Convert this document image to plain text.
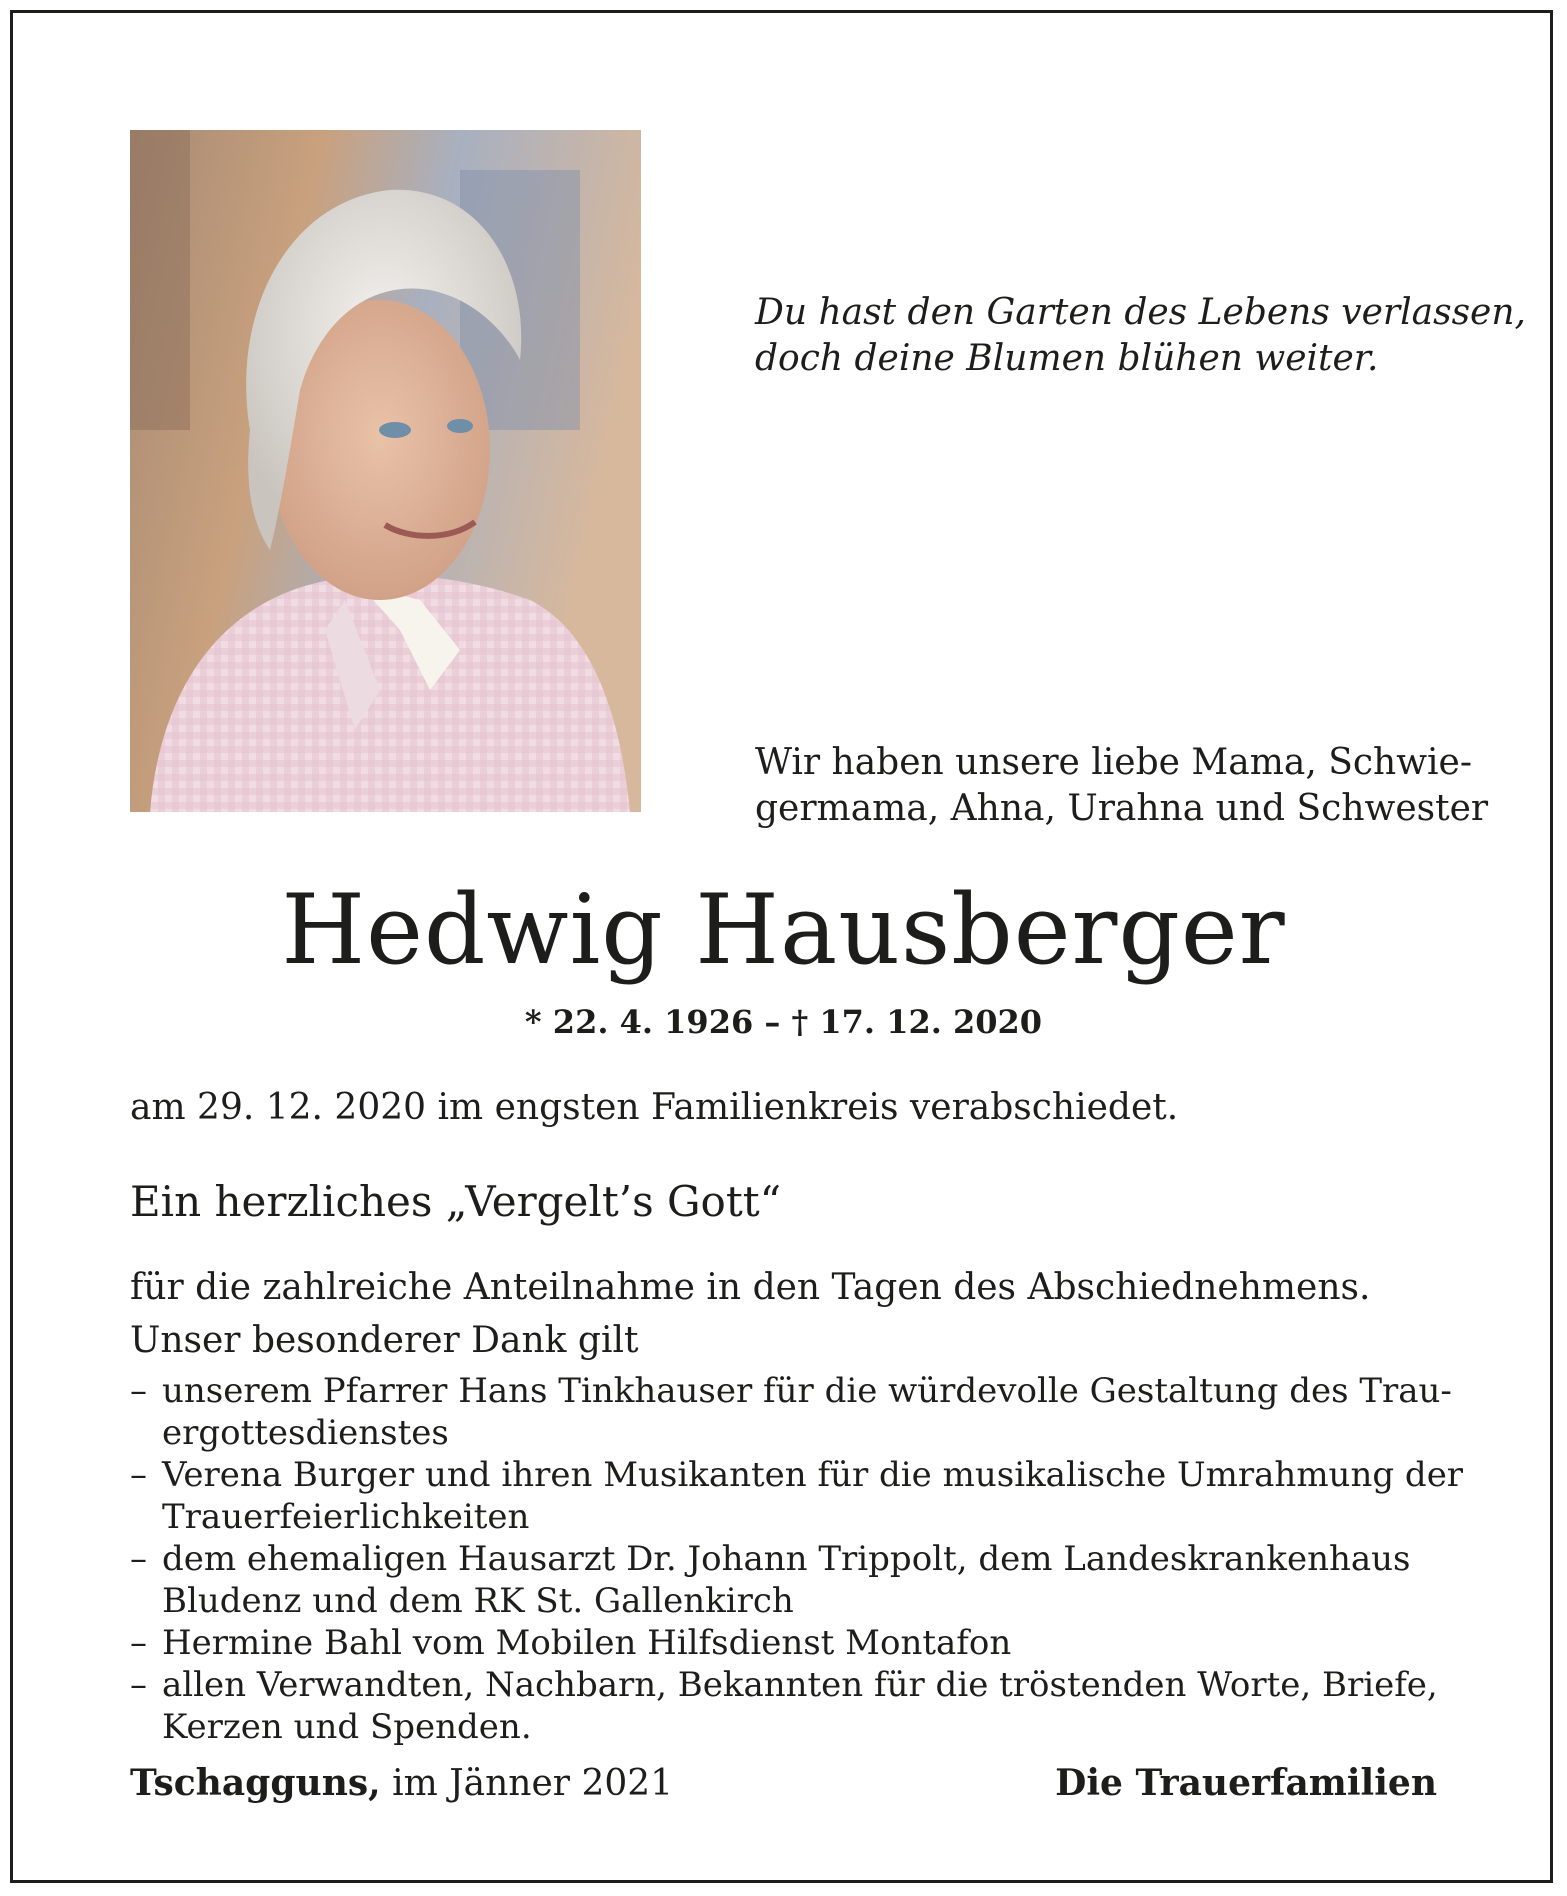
Du hast den Garten des Lebens verlassen,
doch deine Blumen blühen weiter.

Wir haben unsere liebe Mama, Schwie-
germama, Ahna, Urahna und Schwester

Hedwig Hausberger

* 22. 4. 1926 – † 17. 12. 2020

am 29. 12. 2020 im engsten Familienkreis verabschiedet.

Ein herzliches „Vergelt’s Gott“

für die zahlreiche Anteilnahme in den Tagen des Abschiednehmens.

Unser besonderer Dank gilt

– unserem Pfarrer Hans Tinkhauser für die würdevolle Gestaltung des Trau-
ergottesdienstes
– Verena Burger und ihren Musikanten für die musikalische Umrahmung der
Trauerfeierlichkeiten
– dem ehemaligen Hausarzt Dr. Johann Trippolt, dem Landeskrankenhaus
Bludenz und dem RK St. Gallenkirch
– Hermine Bahl vom Mobilen Hilfsdienst Montafon
– allen Verwandten, Nachbarn, Bekannten für die tröstenden Worte, Briefe,
Kerzen und Spenden.

Tschagguns, im Jänner 2021	Die Trauerfamilien
